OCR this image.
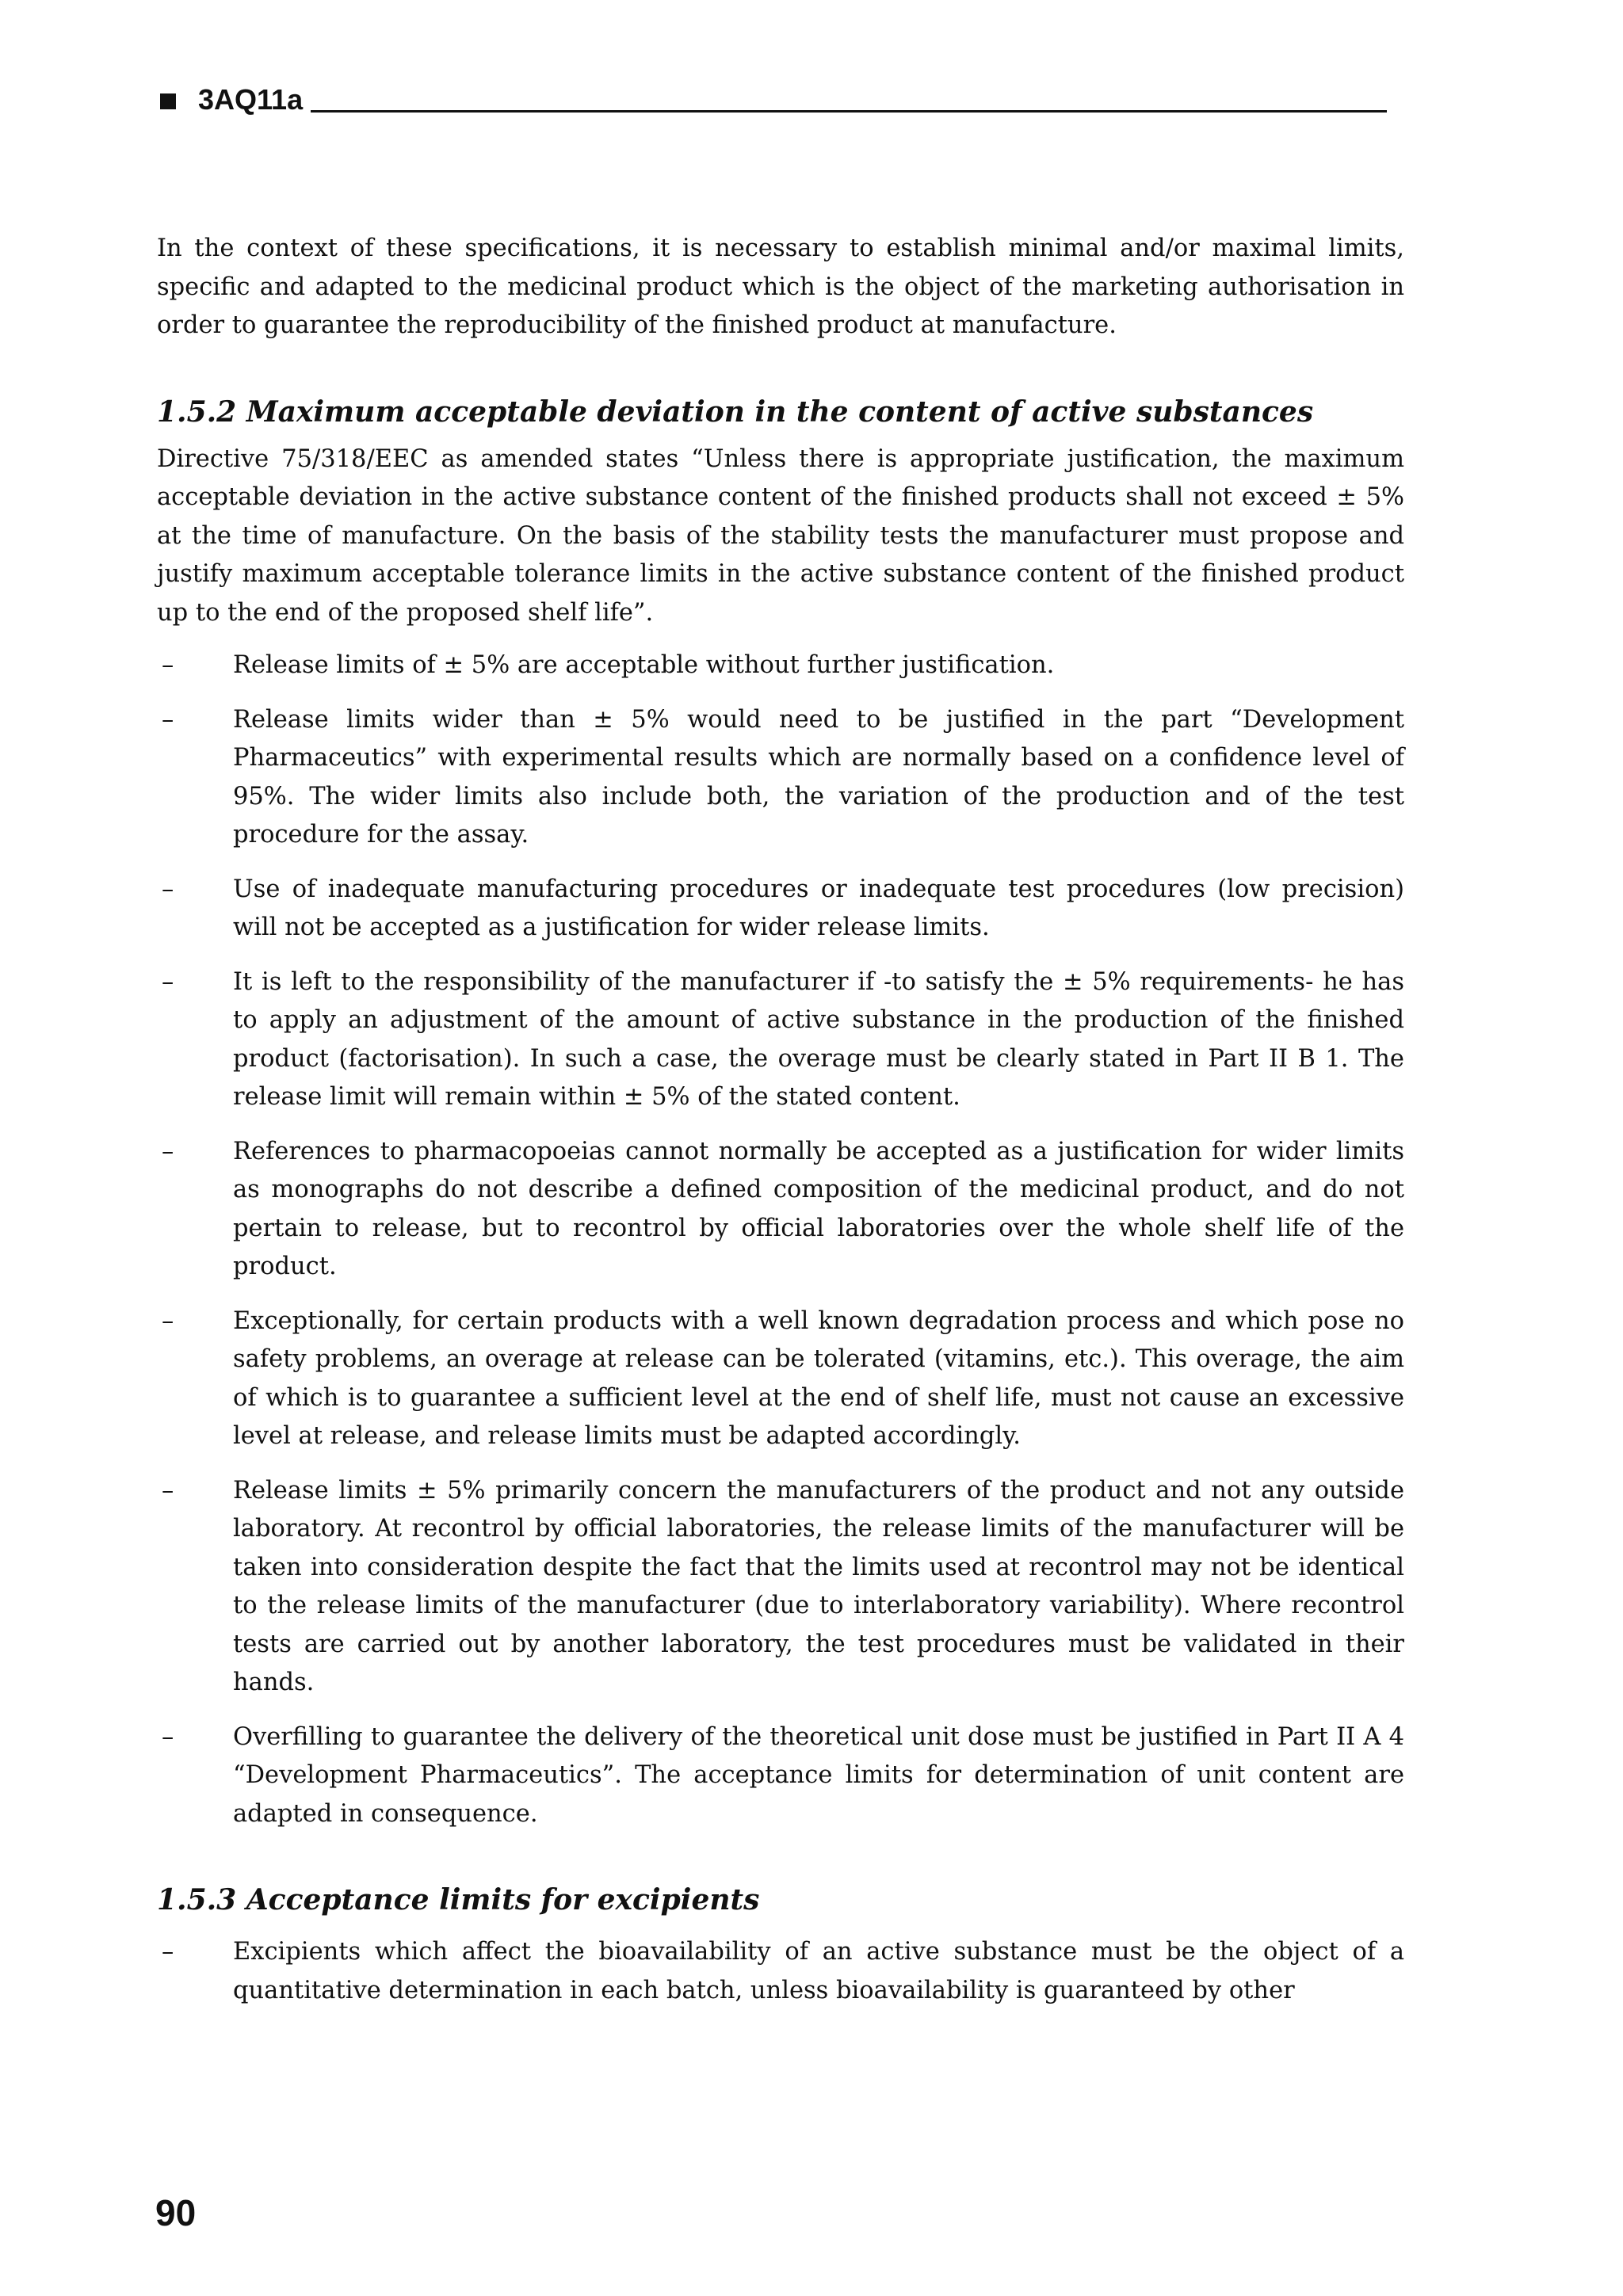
3AQ11a

In the context of these specifications, it is necessary to establish minimal and/or maximal limits, specific and adapted to the medicinal product which is the object of the marketing authorisation in order to guarantee the reproducibility of the finished product at manufacture.

1.5.2 Maximum acceptable deviation in the content of active substances

Directive 75/318/EEC as amended states “Unless there is appropriate justification, the maximum acceptable deviation in the active substance content of the finished products shall not exceed ± 5% at the time of manufacture. On the basis of the stability tests the manufacturer must propose and justify maximum acceptable tolerance limits in the active substance content of the finished product up to the end of the proposed shelf life”.

–	Release limits of ± 5% are acceptable without further justification.
–	Release limits wider than ± 5% would need to be justified in the part “Development Pharmaceutics” with experimental results which are normally based on a confidence level of 95%. The wider limits also include both, the variation of the production and of the test procedure for the assay.
–	Use of inadequate manufacturing procedures or inadequate test procedures (low precision) will not be accepted as a justification for wider release limits.
–	It is left to the responsibility of the manufacturer if -to satisfy the ± 5% requirements- he has to apply an adjustment of the amount of active substance in the production of the finished product (factorisation). In such a case, the overage must be clearly stated in Part II B 1. The release limit will remain within ± 5% of the stated content.
–	References to pharmacopoeias cannot normally be accepted as a justification for wider limits as monographs do not describe a defined composition of the medicinal product, and do not pertain to release, but to recontrol by official laboratories over the whole shelf life of the product.
–	Exceptionally, for certain products with a well known degradation process and which pose no safety problems, an overage at release can be tolerated (vitamins, etc.). This overage, the aim of which is to guarantee a sufficient level at the end of shelf life, must not cause an excessive level at release, and release limits must be adapted accordingly.
–	Release limits ± 5% primarily concern the manufacturers of the product and not any outside laboratory. At recontrol by official laboratories, the release limits of the manufacturer will be taken into consideration despite the fact that the limits used at recontrol may not be identical to the release limits of the manufacturer (due to interlaboratory variability). Where recontrol tests are carried out by another laboratory, the test procedures must be validated in their hands.
–	Overfilling to guarantee the delivery of the theoretical unit dose must be justified in Part II A 4 “Development Pharmaceutics”. The acceptance limits for determination of unit content are adapted in consequence.
1.5.3 Acceptance limits for excipients
–	Excipients which affect the bioavailability of an active substance must be the object of a quantitative determination in each batch, unless bioavailability is guaranteed by other
90
